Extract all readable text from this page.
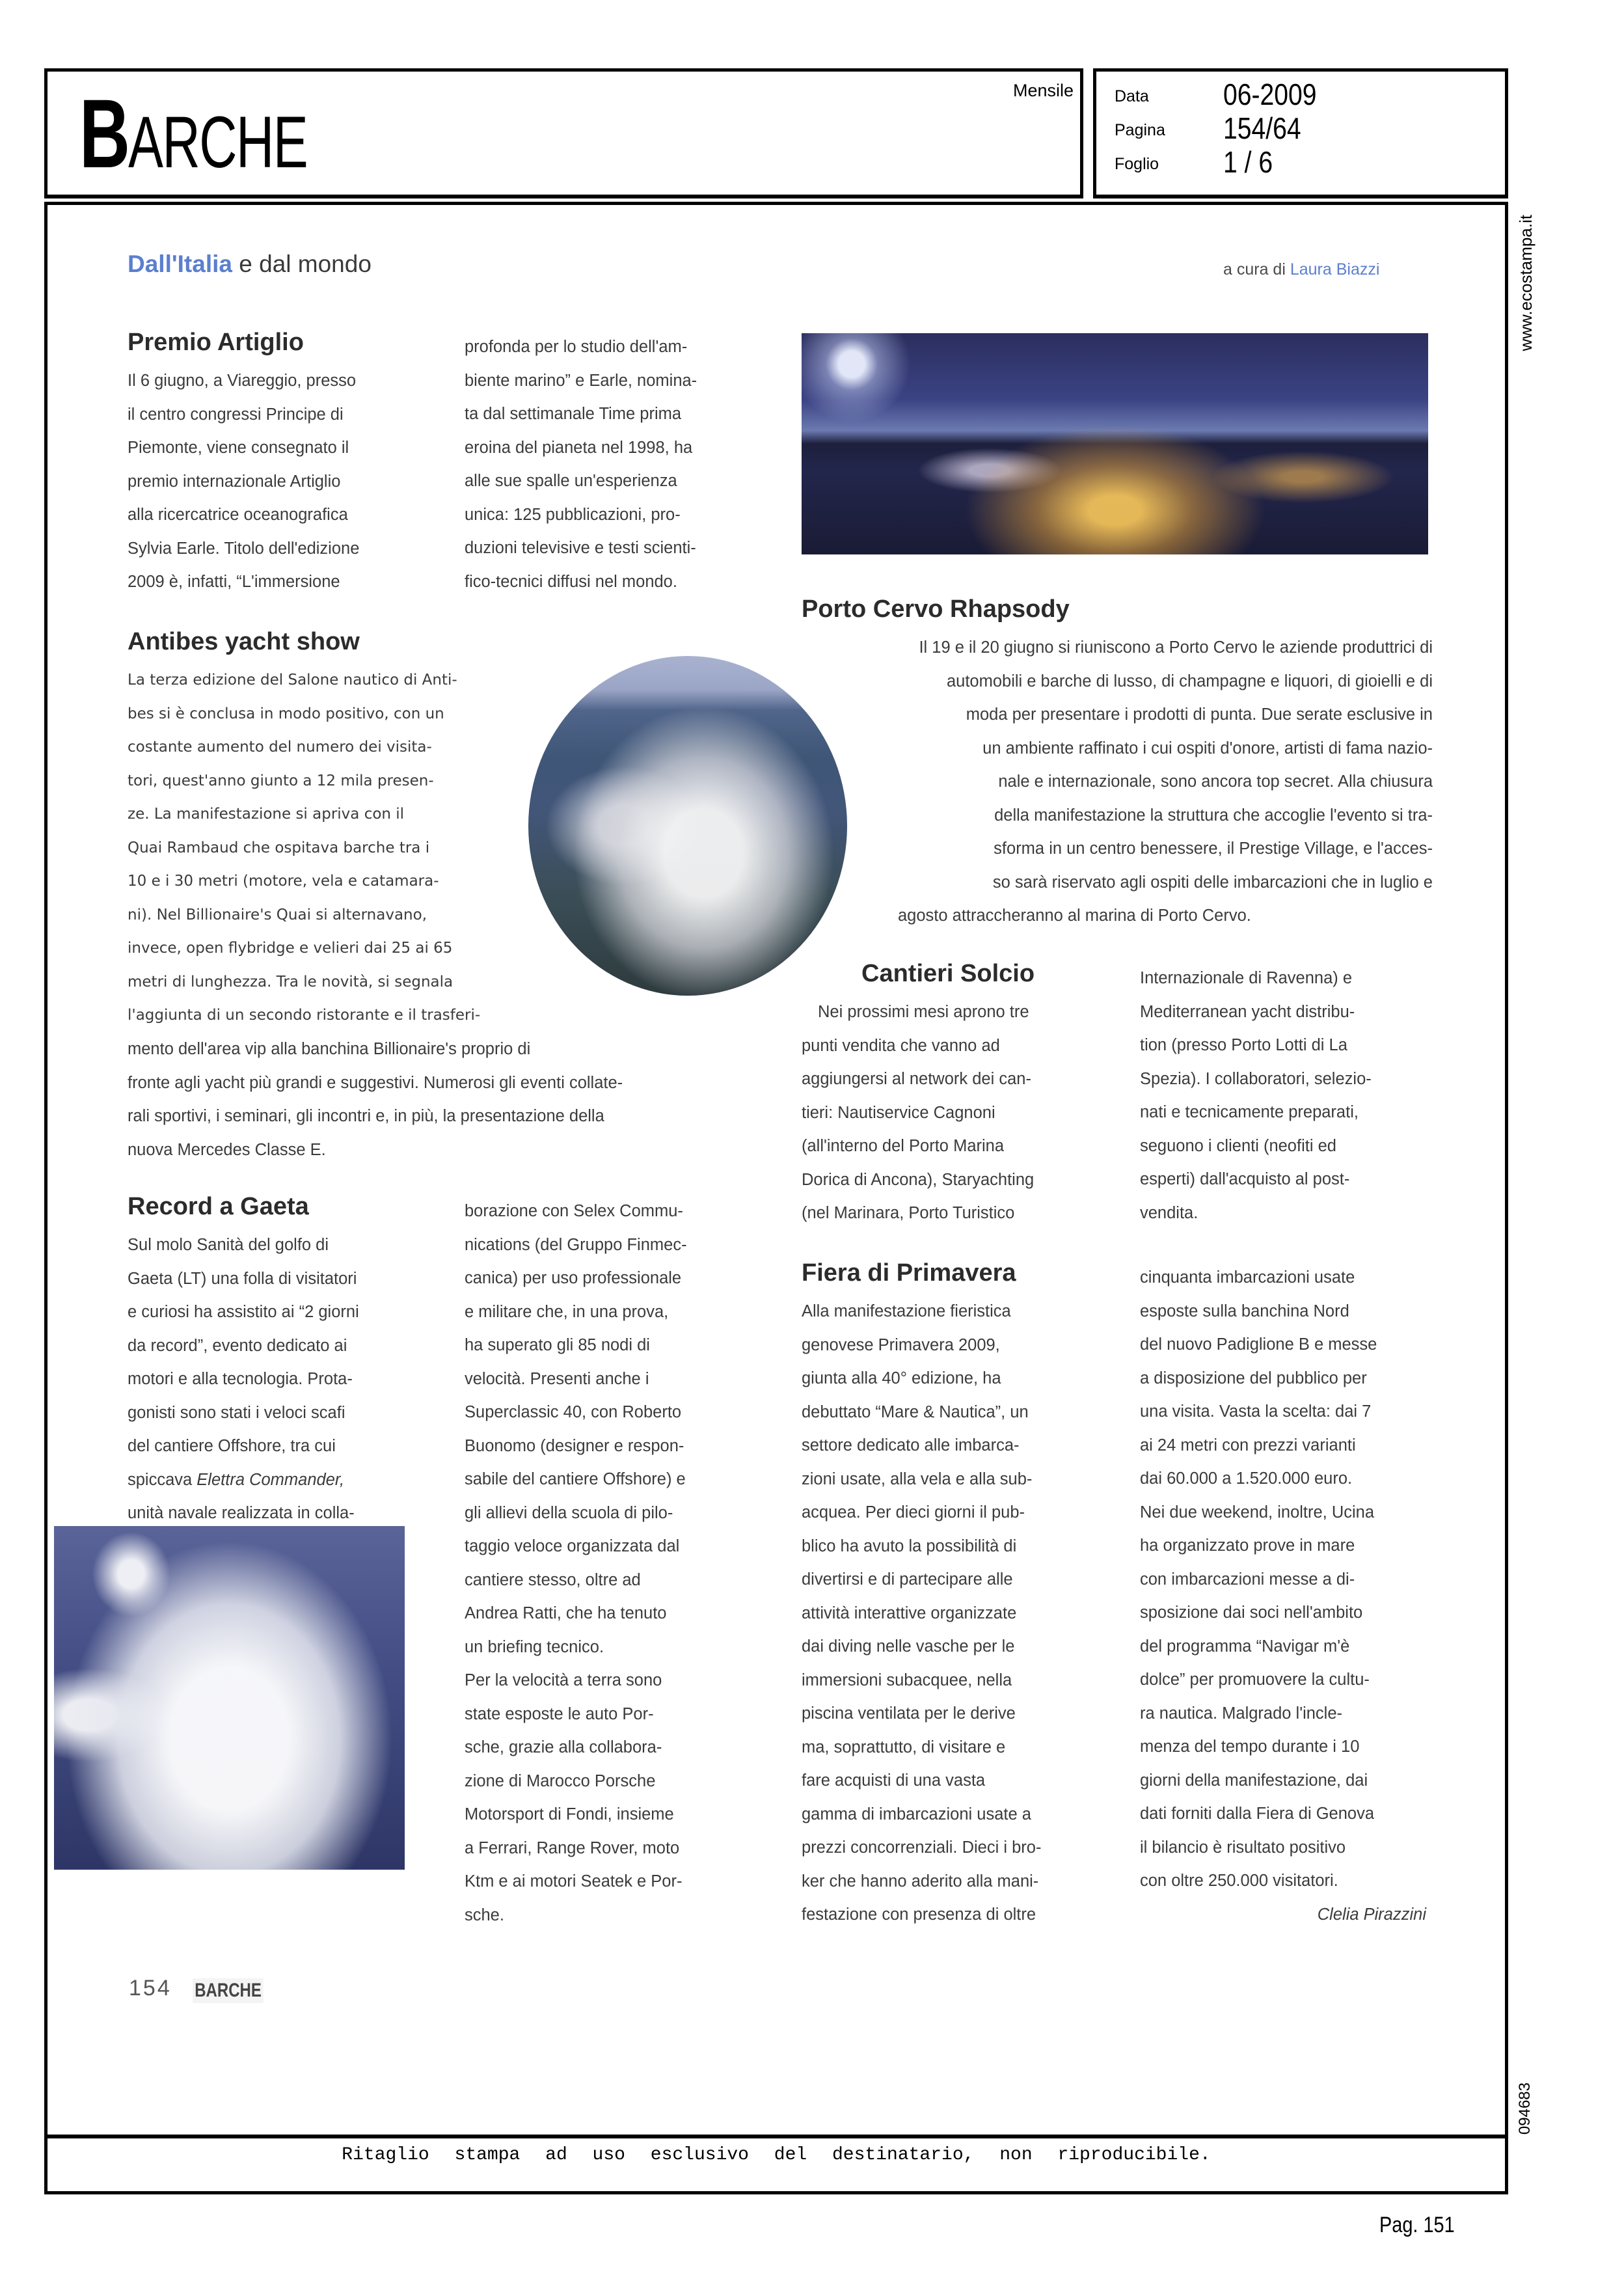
Mensile
BARCHE
Data 06-2009
Pagina 154/64
Foglio 1 / 6
www.ecostampa.it
094683
Dall'Italia e dal mondo	a cura di Laura Biazzi
Premio Artiglio
Il 6 giugno, a Viareggio, presso
il centro congressi Principe di
Piemonte, viene consegnato il
premio internazionale Artiglio
alla ricercatrice oceanografica
Sylvia Earle. Titolo dell'edizione
2009 è, infatti, “L'immersione
profonda per lo studio dell'am-
biente marino” e Earle, nomina-
ta dal settimanale Time prima
eroina del pianeta nel 1998, ha
alle sue spalle un'esperienza
unica: 125 pubblicazioni, pro-
duzioni televisive e testi scienti-
fico-tecnici diffusi nel mondo.
Porto Cervo Rhapsody
Il 19 e il 20 giugno si riuniscono a Porto Cervo le aziende produttrici di
automobili e barche di lusso, di champagne e liquori, di gioielli e di
moda per presentare i prodotti di punta. Due serate esclusive in
un ambiente raffinato i cui ospiti d'onore, artisti di fama nazio-
nale e internazionale, sono ancora top secret. Alla chiusura
della manifestazione la struttura che accoglie l'evento si tra-
sforma in un centro benessere, il Prestige Village, e l'acces-
so sarà riservato agli ospiti delle imbarcazioni che in luglio e
agosto attraccheranno al marina di Porto Cervo.
Antibes yacht show
La terza edizione del Salone nautico di Anti-
bes si è conclusa in modo positivo, con un
costante aumento del numero dei visita-
tori, quest'anno giunto a 12 mila presen-
ze. La manifestazione si apriva con il
Quai Rambaud che ospitava barche tra i
10 e i 30 metri (motore, vela e catamara-
ni). Nel Billionaire's Quai si alternavano,
invece, open flybridge e velieri dai 25 ai 65
metri di lunghezza. Tra le novità, si segnala
l'aggiunta di un secondo ristorante e il trasferi-
mento dell'area vip alla banchina Billionaire's proprio di
fronte agli yacht più grandi e suggestivi. Numerosi gli eventi collate-
rali sportivi, i seminari, gli incontri e, in più, la presentazione della
nuova Mercedes Classe E.
Cantieri Solcio
Nei prossimi mesi aprono tre
punti vendita che vanno ad
aggiungersi al network dei can-
tieri: Nautiservice Cagnoni
(all'interno del Porto Marina
Dorica di Ancona), Staryachting
(nel Marinara, Porto Turistico
Internazionale di Ravenna) e
Mediterranean yacht distribu-
tion (presso Porto Lotti di La
Spezia). I collaboratori, selezio-
nati e tecnicamente preparati,
seguono i clienti (neofiti ed
esperti) dall'acquisto al post-
vendita.
Record a Gaeta
Sul molo Sanità del golfo di
Gaeta (LT) una folla di visitatori
e curiosi ha assistito ai “2 giorni
da record”, evento dedicato ai
motori e alla tecnologia. Prota-
gonisti sono stati i veloci scafi
del cantiere Offshore, tra cui
spiccava Elettra Commander,
unità navale realizzata in colla-
borazione con Selex Commu-
nications (del Gruppo Finmec-
canica) per uso professionale
e militare che, in una prova,
ha superato gli 85 nodi di
velocità. Presenti anche i
Superclassic 40, con Roberto
Buonomo (designer e respon-
sabile del cantiere Offshore) e
gli allievi della scuola di pilo-
taggio veloce organizzata dal
cantiere stesso, oltre ad
Andrea Ratti, che ha tenuto
un briefing tecnico.
Per la velocità a terra sono
state esposte le auto Por-
sche, grazie alla collabora-
zione di Marocco Porsche
Motorsport di Fondi, insieme
a Ferrari, Range Rover, moto
Ktm e ai motori Seatek e Por-
sche.
Fiera di Primavera
Alla manifestazione fieristica
genovese Primavera 2009,
giunta alla 40° edizione, ha
debuttato “Mare & Nautica”, un
settore dedicato alle imbarca-
zioni usate, alla vela e alla sub-
acquea. Per dieci giorni il pub-
blico ha avuto la possibilità di
divertirsi e di partecipare alle
attività interattive organizzate
dai diving nelle vasche per le
immersioni subacquee, nella
piscina ventilata per le derive
ma, soprattutto, di visitare e
fare acquisti di una vasta
gamma di imbarcazioni usate a
prezzi concorrenziali. Dieci i bro-
ker che hanno aderito alla mani-
festazione con presenza di oltre
cinquanta imbarcazioni usate
esposte sulla banchina Nord
del nuovo Padiglione B e messe
a disposizione del pubblico per
una visita. Vasta la scelta: dai 7
ai 24 metri con prezzi varianti
dai 60.000 a 1.520.000 euro.
Nei due weekend, inoltre, Ucina
ha organizzato prove in mare
con imbarcazioni messe a di-
sposizione dai soci nell'ambito
del programma “Navigar m'è
dolce” per promuovere la cultu-
ra nautica. Malgrado l'incle-
menza del tempo durante i 10
giorni della manifestazione, dai
dati forniti dalla Fiera di Genova
il bilancio è risultato positivo
con oltre 250.000 visitatori.
Clelia Pirazzini
154 BARCHE
Ritaglio stampa ad uso esclusivo del destinatario, non riproducibile.
Pag. 151
